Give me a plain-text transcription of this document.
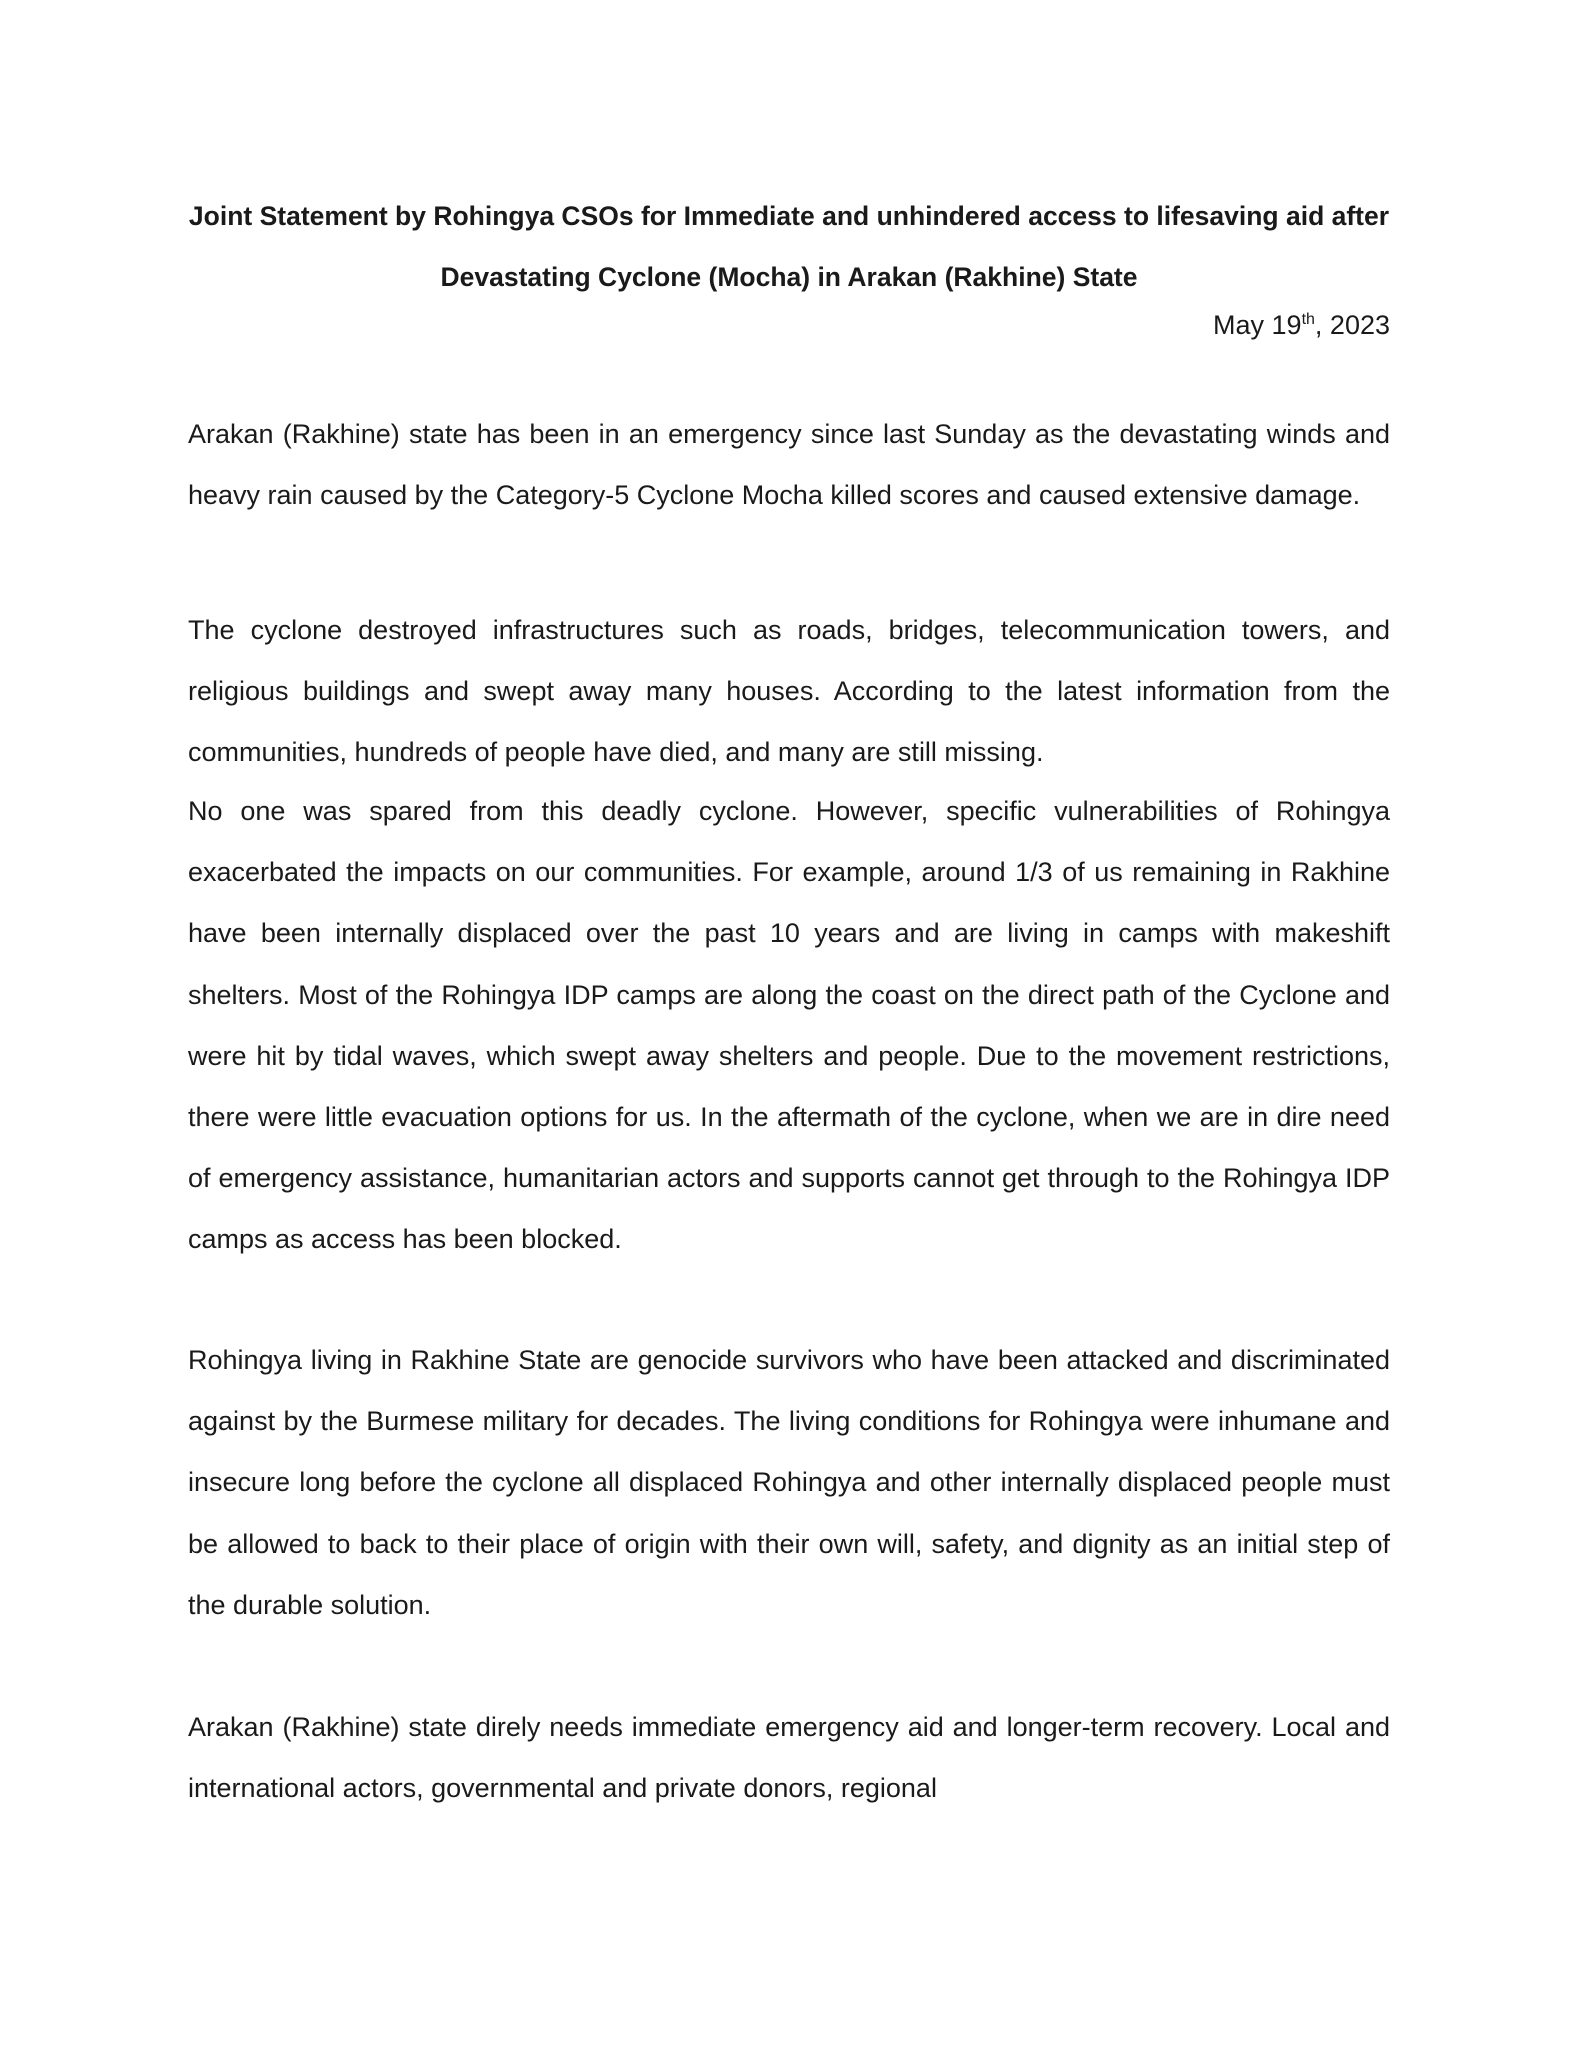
Joint Statement by Rohingya CSOs for Immediate and unhindered access to lifesaving aid after Devastating Cyclone (Mocha) in Arakan (Rakhine) State

May 19th, 2023

Arakan (Rakhine) state has been in an emergency since last Sunday as the devastating winds and heavy rain caused by the Category-5 Cyclone Mocha killed scores and caused extensive damage.

The cyclone destroyed infrastructures such as roads, bridges, telecommunication towers, and religious buildings and swept away many houses. According to the latest information from the communities, hundreds of people have died, and many are still missing.

No one was spared from this deadly cyclone. However, specific vulnerabilities of Rohingya exacerbated the impacts on our communities. For example, around 1/3 of us remaining in Rakhine have been internally displaced over the past 10 years and are living in camps with makeshift shelters. Most of the Rohingya IDP camps are along the coast on the direct path of the Cyclone and were hit by tidal waves, which swept away shelters and people. Due to the movement restrictions, there were little evacuation options for us. In the aftermath of the cyclone, when we are in dire need of emergency assistance, humanitarian actors and supports cannot get through to the Rohingya IDP camps as access has been blocked.

Rohingya living in Rakhine State are genocide survivors who have been attacked and discriminated against by the Burmese military for decades. The living conditions for Rohingya were inhumane and insecure long before the cyclone all displaced Rohingya and other internally displaced people must be allowed to back to their place of origin with their own will, safety, and dignity as an initial step of the durable solution.

Arakan (Rakhine) state direly needs immediate emergency aid and longer-term recovery. Local and international actors, governmental and private donors, regional
